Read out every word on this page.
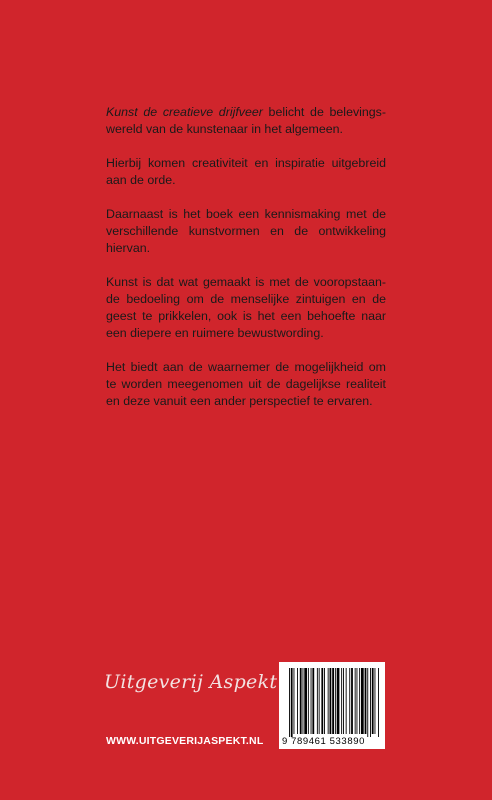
Kunst de creatieve drijfveer belicht de belevings-wereld van de kunstenaar in het algemeen.

Hierbij komen creativiteit en inspiratie uitgebreid aan de orde.

Daarnaast is het boek een kennismaking met de verschillende kunstvormen en de ontwikkeling hiervan.

Kunst is dat wat gemaakt is met de vooropstaan-de bedoeling om de menselijke zintuigen en de geest te prikkelen, ook is het een behoefte naar een diepere en ruimere bewustwording.

Het biedt aan de waarnemer de mogelijkheid om te worden meegenomen uit de dagelijkse realiteit en deze vanuit een ander perspectief te ervaren.

Uitgeverij Aspekt
WWW.UITGEVERIJASPEKT.NL 9 789461 533890
